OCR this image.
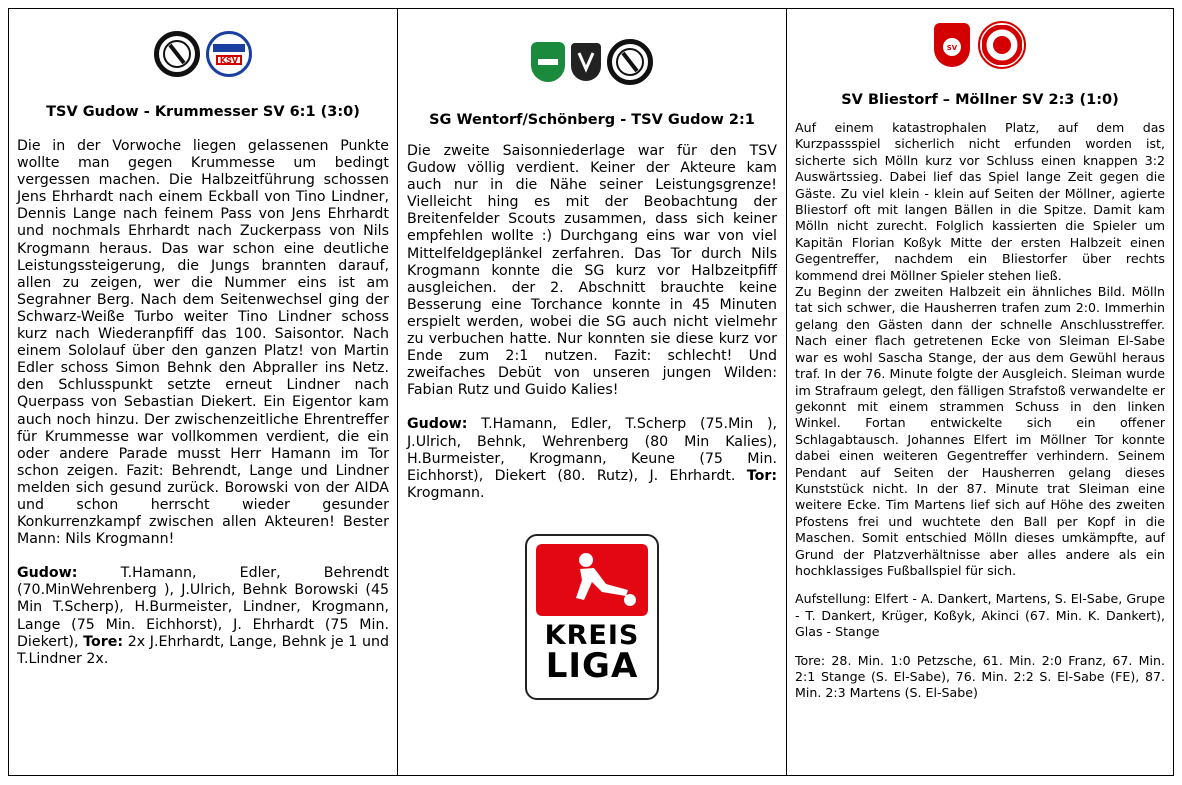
KSV
TSV Gudow - Krummesser SV 6:1 (3:0)

Die in der Vorwoche liegen gelassenen Punkte wollte man gegen Krummesse um bedingt vergessen machen. Die Halbzeitführung schossen Jens Ehrhardt nach einem Eckball von Tino Lindner, Dennis Lange nach feinem Pass von Jens Ehrhardt und nochmals Ehrhardt nach Zuckerpass von Nils Krogmann heraus. Das war schon eine deutliche Leistungssteigerung, die Jungs brannten darauf, allen zu zeigen, wer die Nummer eins ist am Segrahner Berg. Nach dem Seitenwechsel ging der Schwarz-Weiße Turbo weiter Tino Lindner schoss kurz nach Wiederanpfiff das 100. Saisontor. Nach einem Sololauf über den ganzen Platz! von Martin Edler schoss Simon Behnk den Abpraller ins Netz. den Schlusspunkt setzte erneut Lindner nach Querpass von Sebastian Diekert. Ein Eigentor kam auch noch hinzu. Der zwischenzeitliche Ehrentreffer für Krummesse war vollkommen verdient, die ein oder andere Parade musst Herr Hamann im Tor schon zeigen. Fazit: Behrendt, Lange und Lindner melden sich gesund zurück. Borowski von der AIDA und schon herrscht wieder gesunder Konkurrenzkampf zwischen allen Akteuren! Bester Mann: Nils Krogmann!

Gudow: T.Hamann, Edler, Behrendt (70.MinWehrenberg ), J.Ulrich, Behnk Borowski (45 Min T.Scherp), H.Burmeister, Lindner, Krogmann, Lange (75 Min. Eichhorst), J. Ehrhardt (75 Min. Diekert), Tore: 2x J.Ehrhardt, Lange, Behnk je 1 und T.Lindner 2x.

SG Wentorf/Schönberg - TSV Gudow 2:1

Die zweite Saisonniederlage war für den TSV Gudow völlig verdient. Keiner der Akteure kam auch nur in die Nähe seiner Leistungsgrenze! Vielleicht hing es mit der Beobachtung der Breitenfelder Scouts zusammen, dass sich keiner empfehlen wollte :) Durchgang eins war von viel Mittelfeldgeplänkel zerfahren. Das Tor durch Nils Krogmann konnte die SG kurz vor Halbzeitpfiff ausgleichen. der 2. Abschnitt brauchte keine Besserung eine Torchance konnte in 45 Minuten erspielt werden, wobei die SG auch nicht vielmehr zu verbuchen hatte. Nur konnten sie diese kurz vor Ende zum 2:1 nutzen. Fazit: schlecht! Und zweifaches Debüt von unseren jungen Wilden: Fabian Rutz und Guido Kalies!

Gudow: T.Hamann, Edler, T.Scherp (75.Min ), J.Ulrich, Behnk, Wehrenberg (80 Min Kalies), H.Burmeister, Krogmann, Keune (75 Min. Eichhorst), Diekert (80. Rutz), J. Ehrhardt. Tor: Krogmann.

KREIS
LIGA
SV
SV Bliestorf – Möllner SV 2:3 (1:0)

Auf einem katastrophalen Platz, auf dem das Kurzpassspiel sicherlich nicht erfunden worden ist, sicherte sich Mölln kurz vor Schluss einen knappen 3:2 Auswärtssieg. Dabei lief das Spiel lange Zeit gegen die Gäste. Zu viel klein - klein auf Seiten der Möllner, agierte Bliestorf oft mit langen Bällen in die Spitze. Damit kam Mölln nicht zurecht. Folglich kassierten die Spieler um Kapitän Florian Koßyk Mitte der ersten Halbzeit einen Gegentreffer, nachdem ein Bliestorfer über rechts kommend drei Möllner Spieler stehen ließ.

Zu Beginn der zweiten Halbzeit ein ähnliches Bild. Mölln tat sich schwer, die Hausherren trafen zum 2:0. Immerhin gelang den Gästen dann der schnelle Anschlusstreffer. Nach einer flach getretenen Ecke von Sleiman El-Sabe war es wohl Sascha Stange, der aus dem Gewühl heraus traf. In der 76. Minute folgte der Ausgleich. Sleiman wurde im Strafraum gelegt, den fälligen Strafstoß verwandelte er gekonnt mit einem strammen Schuss in den linken Winkel. Fortan entwickelte sich ein offener Schlagabtausch. Johannes Elfert im Möllner Tor konnte dabei einen weiteren Gegentreffer verhindern. Seinem Pendant auf Seiten der Hausherren gelang dieses Kunststück nicht. In der 87. Minute trat Sleiman eine weitere Ecke. Tim Martens lief sich auf Höhe des zweiten Pfostens frei und wuchtete den Ball per Kopf in die Maschen. Somit entschied Mölln dieses umkämpfte, auf Grund der Platzverhältnisse aber alles andere als ein hochklassiges Fußballspiel für sich.

Aufstellung: Elfert - A. Dankert, Martens, S. El-Sabe, Grupe - T. Dankert, Krüger, Koßyk, Akinci (67. Min. K. Dankert), Glas - Stange

Tore: 28. Min. 1:0 Petzsche, 61. Min. 2:0 Franz, 67. Min. 2:1 Stange (S. El-Sabe), 76. Min. 2:2 S. El-Sabe (FE), 87. Min. 2:3 Martens (S. El-Sabe)
